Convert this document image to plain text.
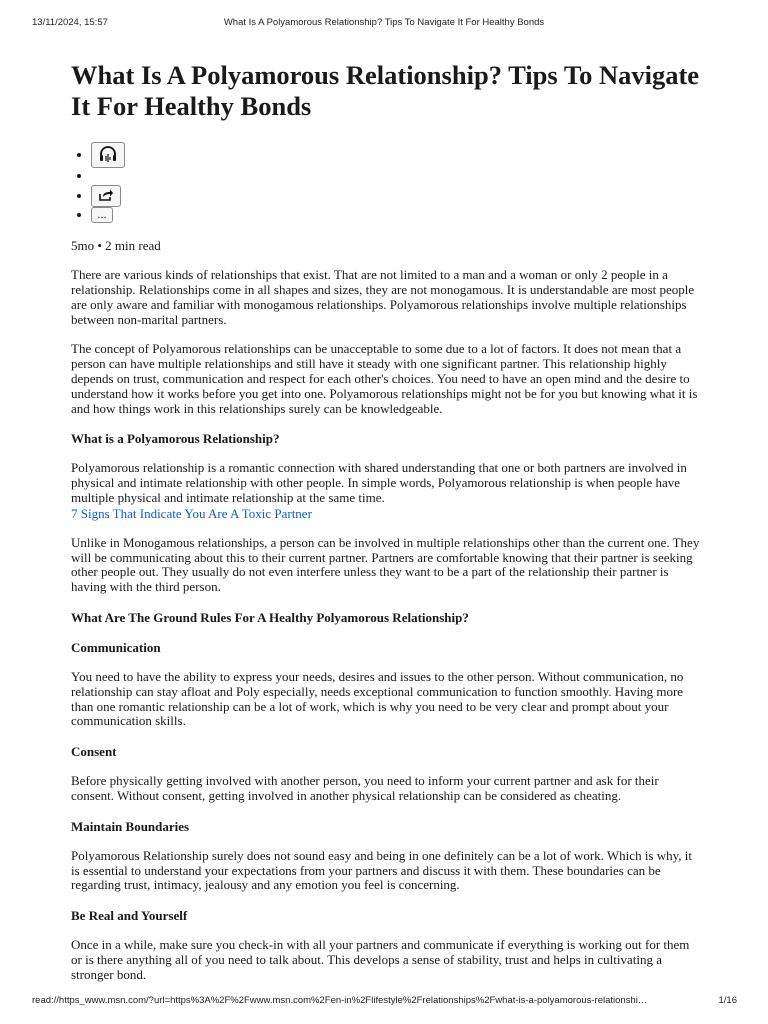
13/11/2024, 15:57	What Is A Polyamorous Relationship? Tips To Navigate It For Healthy Bonds
What Is A Polyamorous Relationship? Tips To Navigate It For Healthy Bonds
•
•
•
• ...
5mo • 2 min read

There are various kinds of relationships that exist. That are not limited to a man and a woman or only 2 people in a relationship. Relationships come in all shapes and sizes, they are not monogamous. It is understandable are most people are only aware and familiar with monogamous relationships. Polyamorous relationships involve multiple relationships between non-marital partners.

The concept of Polyamorous relationships can be unacceptable to some due to a lot of factors. It does not mean that a person can have multiple relationships and still have it steady with one significant partner. This relationship highly depends on trust, communication and respect for each other's choices. You need to have an open mind and the desire to understand how it works before you get into one. Polyamorous relationships might not be for you but knowing what it is and how things work in this relationships surely can be knowledgeable.

What is a Polyamorous Relationship?

Polyamorous relationship is a romantic connection with shared understanding that one or both partners are involved in physical and intimate relationship with other people. In simple words, Polyamorous relationship is when people have multiple physical and intimate relationship at the same time.

7 Signs That Indicate You Are A Toxic Partner

Unlike in Monogamous relationships, a person can be involved in multiple relationships other than the current one. They will be communicating about this to their current partner. Partners are comfortable knowing that their partner is seeking other people out. They usually do not even interfere unless they want to be a part of the relationship their partner is having with the third person.

What Are The Ground Rules For A Healthy Polyamorous Relationship?
Communication

You need to have the ability to express your needs, desires and issues to the other person. Without communication, no relationship can stay afloat and Poly especially, needs exceptional communication to function smoothly. Having more than one romantic relationship can be a lot of work, which is why you need to be very clear and prompt about your communication skills.

Consent

Before physically getting involved with another person, you need to inform your current partner and ask for their consent. Without consent, getting involved in another physical relationship can be considered as cheating.

Maintain Boundaries

Polyamorous Relationship surely does not sound easy and being in one definitely can be a lot of work. Which is why, it is essential to understand your expectations from your partners and discuss it with them. These boundaries can be regarding trust, intimacy, jealousy and any emotion you feel is concerning.

Be Real and Yourself

Once in a while, make sure you check-in with all your partners and communicate if everything is working out for them or is there anything all of you need to talk about. This develops a sense of stability, trust and helps in cultivating a stronger bond.

read://https_www.msn.com/?url=https%3A%2F%2Fwww.msn.com%2Fen-in%2Flifestyle%2Frelationships%2Fwhat-is-a-polyamorous-relationshi…	1/16
